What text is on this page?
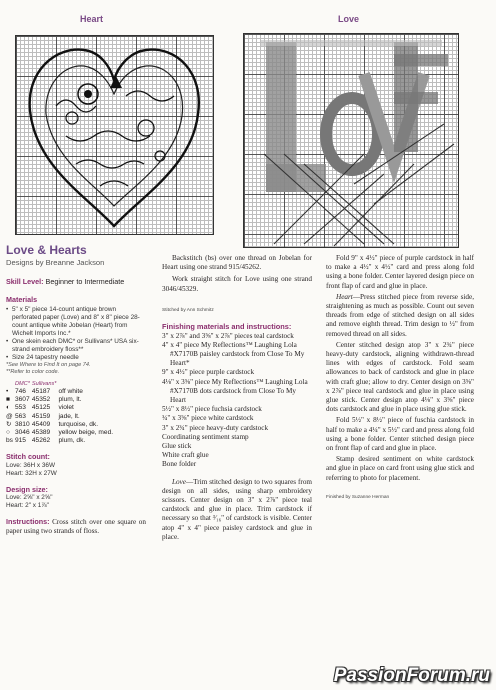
Heart	Love
Love & Hearts
Designs by Breanne Jackson
Skill Level: Beginner to Intermediate
Materials
• 5" x 5" piece 14-count antique brown perforated paper (Love) and 8" x 8" piece 28-count antique white Jobelan (Heart) from Wichelt Imports Inc.*
• One skein each DMC* or Sullivans* USA six-strand embroidery floss**
• Size 24 tapestry needle
*See Where to Find It on page 74.
**Refer to color code.
	DMC*	Sullivans*	
•	746	45187	off white
■	3607	45352	plum, lt.
◐	553	45125	violet
@	563	45159	jade, lt.
↻	3810	45409	turquoise, dk.
○	3046	45389	yellow beige, med.
bs	915	45262	plum, dk.
Stitch count:
Love: 36H x 36W
Heart: 32H x 27W
Design size:
Love: 2⅝" x 2⅝"
Heart: 2" x 1⅞"
Instructions: Cross stitch over one square on paper using two strands of floss.
Backstitch (bs) over one thread on Jobelan for Heart using one strand 915/45262.
Work straight stitch for Love using one strand 3046/45329.
Stitched by Ann Schmitz
Finishing materials and instructions:
3" x 2⅞" and 3⅝" x 2⅞" pieces teal cardstock
4" x 4" piece My Reflections™ Laughing Lola #X7170B paisley cardstock from Close To My Heart*
9" x 4½" piece purple cardstock
4⅛" x 3⅝" piece My Reflections™ Laughing Lola #X7170B dots cardstock from Close To My Heart
5½" x 8½" piece fuchsia cardstock
¾" x 3⅝" piece white cardstock
3" x 2¾" piece heavy-duty cardstock
Coordinating sentiment stamp
Glue stick
White craft glue
Bone folder
Love—Trim stitched design to two squares from design on all sides, using sharp embroidery scissors. Center design on 3" x 2⅞" piece teal cardstock and glue in place. Trim cardstock if necessary so that ³⁄₁₆" of cardstock is visible. Center atop 4" x 4" piece paisley cardstock and glue in place.
Fold 9" x 4½" piece of purple cardstock in half to make a 4½" x 4½" card and press along fold using a bone folder. Center layered design piece on front flap of card and glue in place.
Heart—Press stitched piece from reverse side, straightening as much as possible. Count out seven threads from edge of stitched design on all sides and remove eighth thread. Trim design to ½" from removed thread on all sides.
Center stitched design atop 3" x 2¾" piece heavy-duty cardstock, aligning withdrawn-thread lines with edges of cardstock. Fold seam allowances to back of cardstock and glue in place with craft glue; allow to dry. Center design on 3⅝" x 2⅞" piece teal cardstock and glue in place using glue stick. Center design atop 4⅛" x 3⅝" piece dots cardstock and glue in place using glue stick.
Fold 5½" x 8½" piece of fuschia cardstock in half to make a 4¼" x 5½" card and press along fold using a bone folder. Center stitched design piece on front flap of card and glue in place.
Stamp desired sentiment on white cardstock and glue in place on card front using glue stick and referring to photo for placement.
Finished by Suzanne Herman
PassionForum.ru
